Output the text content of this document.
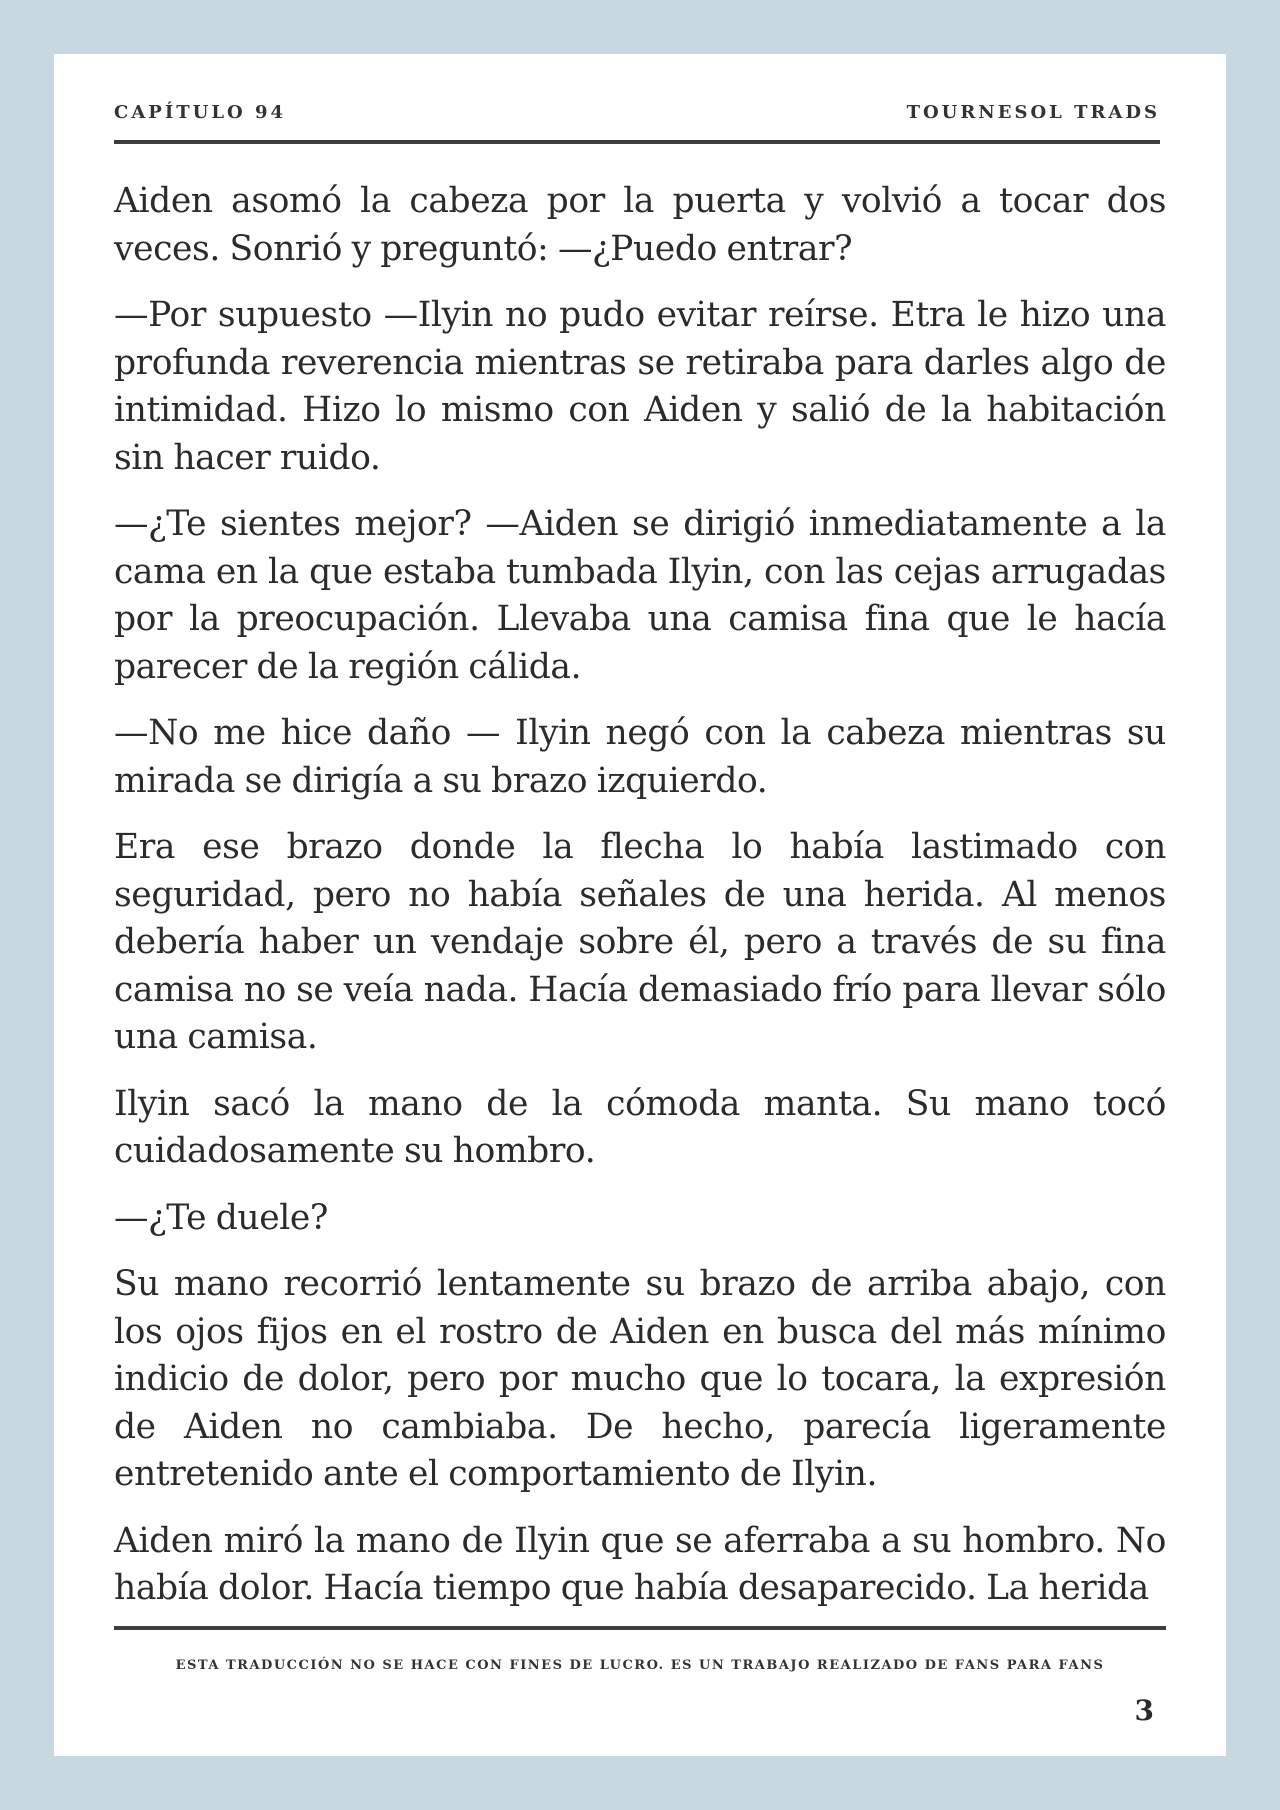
CAPÍTULO 94	TOURNESOL TRADS

Aiden asomó la cabeza por la puerta y volvió a tocar dos veces. Sonrió y preguntó: —¿Puedo entrar?

—Por supuesto —Ilyin no pudo evitar reírse. Etra le hizo una profunda reverencia mientras se retiraba para darles algo de intimidad. Hizo lo mismo con Aiden y salió de la habitación sin hacer ruido.

—¿Te sientes mejor? —Aiden se dirigió inmediatamente a la cama en la que estaba tumbada Ilyin, con las cejas arrugadas por la preocupación. Llevaba una camisa fina que le hacía parecer de la región cálida.

—No me hice daño — Ilyin negó con la cabeza mientras su mirada se dirigía a su brazo izquierdo.

Era ese brazo donde la flecha lo había lastimado con seguridad, pero no había señales de una herida. Al menos debería haber un vendaje sobre él, pero a través de su fina camisa no se veía nada. Hacía demasiado frío para llevar sólo una camisa.

Ilyin sacó la mano de la cómoda manta. Su mano tocó cuidadosamente su hombro.

—¿Te duele?

Su mano recorrió lentamente su brazo de arriba abajo, con los ojos fijos en el rostro de Aiden en busca del más mínimo indicio de dolor, pero por mucho que lo tocara, la expresión de Aiden no cambiaba. De hecho, parecía ligeramente entretenido ante el comportamiento de Ilyin.

Aiden miró la mano de Ilyin que se aferraba a su hombro. No había dolor. Hacía tiempo que había desaparecido. La herida

ESTA TRADUCCIÓN NO SE HACE CON FINES DE LUCRO. ES UN TRABAJO REALIZADO DE FANS PARA FANS
3
